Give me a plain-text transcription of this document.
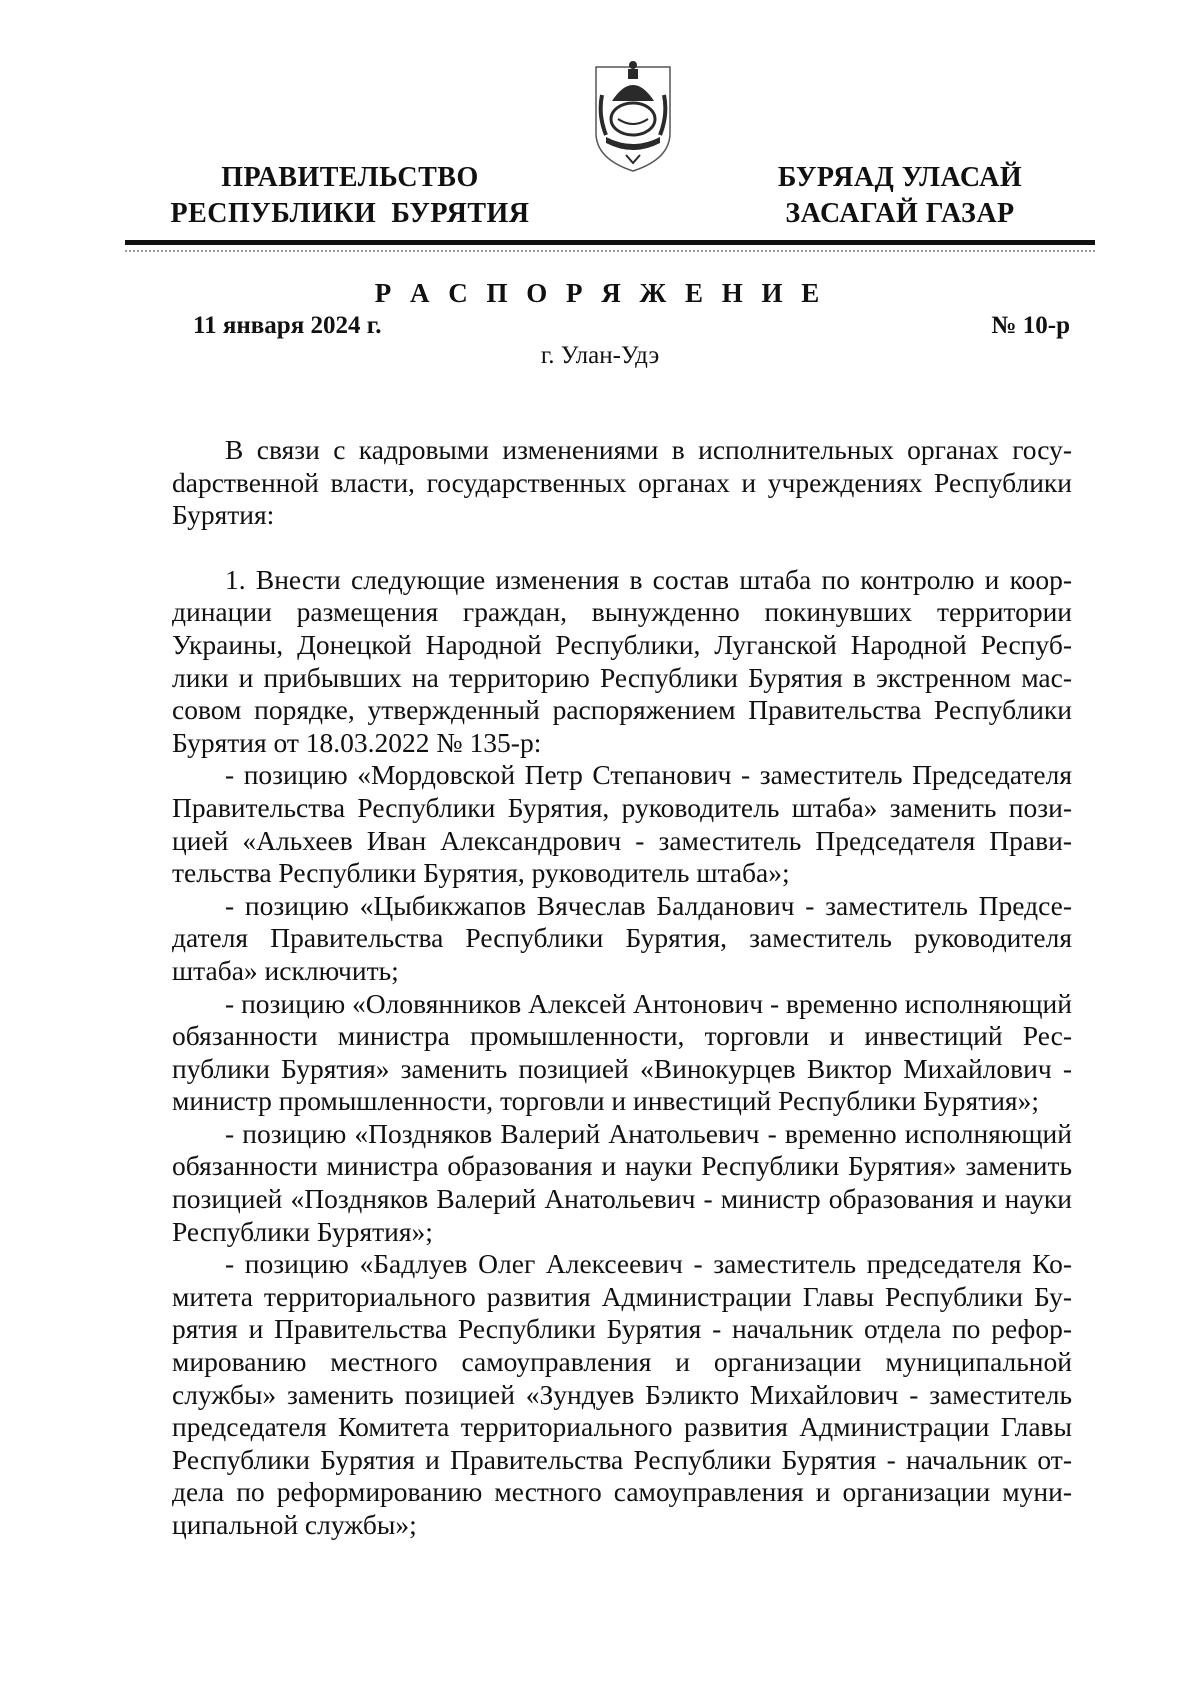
ПРАВИТЕЛЬСТВО
РЕСПУБЛИКИ  БУРЯТИЯ
БУРЯАД УЛАСАЙ
ЗАСАГАЙ ГАЗАР
Р А С П О Р Я Ж Е Н И Е
11 января 2024 г.	№ 10-р
г. Улан-Удэ

В связи с кадровыми изменениями в исполнительных органах госуdарственной власти, государственных органах и учреждениях Республики Бурятия:

1. Внести следующие изменения в состав штаба по контролю и координации размещения граждан, вынужденно покинувших территории Украины, Донецкой Народной Республики, Луганской Народной Республики и прибывших на территорию Республики Бурятия в экстренном массовом порядке, утвержденный распоряжением Правительства Республики Бурятия от 18.03.2022 № 135-р:

- позицию «Мордовской Петр Степанович - заместитель Председателя Правительства Республики Бурятия, руководитель штаба» заменить позицией «Альхеев Иван Александрович - заместитель Председателя Правительства Республики Бурятия, руководитель штаба»;

- позицию «Цыбикжапов Вячеслав Балданович - заместитель Председателя Правительства Республики Бурятия, заместитель руководителя штаба» исключить;

- позицию «Оловянников Алексей Антонович - временно исполняющий обязанности министра промышленности, торговли и инвестиций Республики Бурятия» заменить позицией «Винокурцев Виктор Михайлович - министр промышленности, торговли и инвестиций Республики Бурятия»;

- позицию «Поздняков Валерий Анатольевич - временно исполняющий обязанности министра образования и науки Республики Бурятия» заменить позицией «Поздняков Валерий Анатольевич - министр образования и науки Республики Бурятия»;

- позицию «Бадлуев Олег Алексеевич - заместитель председателя Комитета территориального развития Администрации Главы Республики Бурятия и Правительства Республики Бурятия - начальник отдела по реформированию местного самоуправления и организации муниципальной службы» заменить позицией «Зундуев Бэликто Михайлович - заместитель председателя Комитета территориального развития Администрации Главы Республики Бурятия и Правительства Республики Бурятия - начальник отдела по реформированию местного самоуправления и организации муниципальной службы»;
